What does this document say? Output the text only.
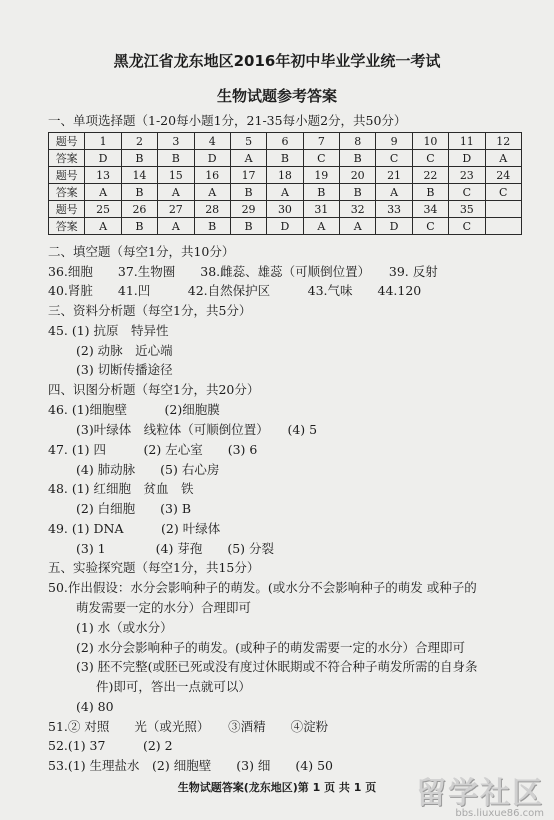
黑龙江省龙东地区2016年初中毕业学业统一考试
生物试题参考答案
一、单项选择题（1-20每小题1分，21-35每小题2分，共50分）
题号	1	2	3	4	5	6	7	8	9	10	11	12
答案	D	B	B	D	A	B	C	B	C	C	D	A
题号	13	14	15	16	17	18	19	20	21	22	23	24
答案	A	B	A	A	B	A	B	B	A	B	C	C
题号	25	26	27	28	29	30	31	32	33	34	35	
答案	A	B	A	B	B	D	A	A	D	C	C	
二、填空题（每空1分，共10分）
36.细胞　　37.生物圈　　38.雌蕊、雄蕊（可顺倒位置）　　39. 反射
40.肾脏　　41.凹　　　42.自然保护区　　　43.气味　　44.120
三、资料分析题（每空1分，共5分）
45. (1) 抗原　特异性
(2) 动脉　近心端
(3) 切断传播途径
四、识图分析题（每空1分，共20分）
46. (1)细胞壁　　　(2)细胞膜
(3)叶绿体　线粒体（可顺倒位置）　　(4) 5
47. (1) 四　　　(2) 左心室　　(3) 6
(4) 肺动脉　　(5) 右心房
48. (1) 红细胞　贫血　铁
(2) 白细胞　　(3) B
49. (1) DNA　　　(2) 叶绿体
(3) 1　　　　(4) 芽孢　　(5) 分裂
五、实验探究题（每空1分，共15分）
50.作出假设：水分会影响种子的萌发。(或水分不会影响种子的萌发 或种子的
萌发需要一定的水分）合理即可
(1) 水（或水分）
(2) 水分会影响种子的萌发。(或种子的萌发需要一定的水分）合理即可
(3) 胚不完整(或胚已死或没有度过休眠期或不符合种子萌发所需的自身条
件)即可，答出一点就可以）
(4) 80
51.② 对照　　光（或光照）　　③酒精　　④淀粉
52.(1) 37　　　(2) 2
53.(1) 生理盐水　(2) 细胞壁　　(3) 细　　(4) 50
生物试题答案(龙东地区)第 1 页 共 1 页	留学社区
bbs.liuxue86.com
